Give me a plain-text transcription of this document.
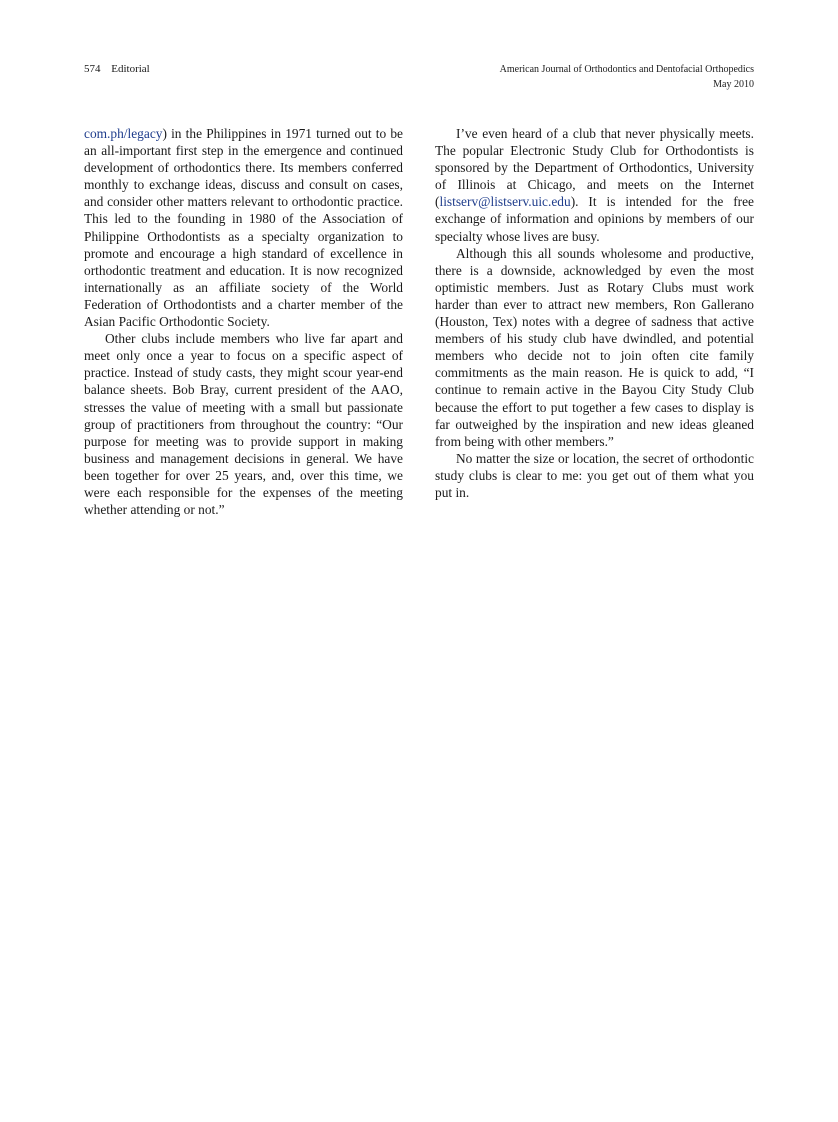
574 Editorial	American Journal of Orthodontics and Dentofacial Orthopedics
May 2010

com.ph/legacy) in the Philippines in 1971 turned out to be an all-important first step in the emergence and continued development of orthodontics there. Its members conferred monthly to exchange ideas, discuss and consult on cases, and consider other matters relevant to orthodontic practice. This led to the founding in 1980 of the Association of Philippine Orthodontists as a specialty organization to promote and encourage a high standard of excellence in orthodontic treatment and education. It is now recognized internationally as an affiliate society of the World Federation of Orthodontists and a charter member of the Asian Pacific Orthodontic Society.

Other clubs include members who live far apart and meet only once a year to focus on a specific aspect of practice. Instead of study casts, they might scour year-end balance sheets. Bob Bray, current president of the AAO, stresses the value of meeting with a small but passionate group of practitioners from throughout the country: “Our purpose for meeting was to provide support in making business and management decisions in general. We have been together for over 25 years, and, over this time, we were each responsible for the expenses of the meeting whether attending or not.”

I’ve even heard of a club that never physically meets. The popular Electronic Study Club for Orthodontists is sponsored by the Department of Orthodontics, University of Illinois at Chicago, and meets on the Internet (listserv@listserv.uic.edu). It is intended for the free exchange of information and opinions by members of our specialty whose lives are busy.

Although this all sounds wholesome and productive, there is a downside, acknowledged by even the most optimistic members. Just as Rotary Clubs must work harder than ever to attract new members, Ron Gallerano (Houston, Tex) notes with a degree of sadness that active members of his study club have dwindled, and potential members who decide not to join often cite family commitments as the main reason. He is quick to add, “I continue to remain active in the Bayou City Study Club because the effort to put together a few cases to display is far outweighed by the inspiration and new ideas gleaned from being with other members.”

No matter the size or location, the secret of orthodontic study clubs is clear to me: you get out of them what you put in.
